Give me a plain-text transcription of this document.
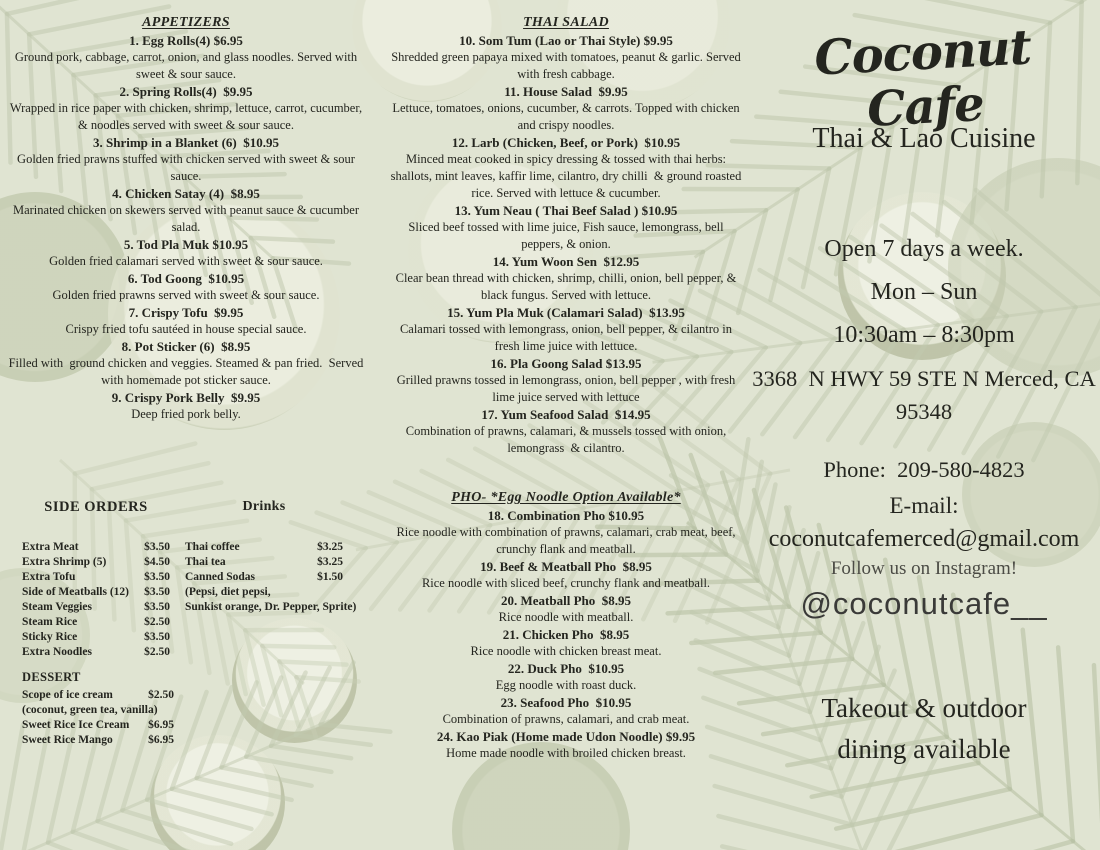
APPETIZERS
1. Egg Rolls(4) $6.95
Ground pork, cabbage, carrot, onion, and glass noodles. Served with sweet & sour sauce.
2. Spring Rolls(4)  $9.95
Wrapped in rice paper with chicken, shrimp, lettuce, carrot, cucumber, & noodles served with sweet & sour sauce.
3. Shrimp in a Blanket (6)  $10.95
Golden fried prawns stuffed with chicken served with sweet & sour sauce.
4. Chicken Satay (4)  $8.95
Marinated chicken on skewers served with peanut sauce & cucumber salad.
5. Tod Pla Muk $10.95
Golden fried calamari served with sweet & sour sauce.
6. Tod Goong  $10.95
Golden fried prawns served with sweet & sour sauce.
7. Crispy Tofu  $9.95
Crispy fried tofu sautéed in house special sauce.
8. Pot Sticker (6)  $8.95
Filled with  ground chicken and veggies. Steamed & pan fried.  Served with homemade pot sticker sauce.
9. Crispy Pork Belly  $9.95
Deep fried pork belly.
SIDE ORDERS
Extra Meat	$3.50
Extra Shrimp (5)	$4.50
Extra Tofu	$3.50
Side of Meatballs (12) $3.50
Steam Veggies	$3.50
Steam Rice	$2.50
Sticky Rice	$3.50
Extra Noodles	$2.50
Drinks
Thai coffee	$3.25
Thai tea	$3.25
Canned Sodas	$1.50
(Pepsi, diet pepsi,
Sunkist orange, Dr. Pepper, Sprite)
DESSERT
Scope of ice cream	$2.50
(coconut, green tea, vanilla)
Sweet Rice Ice Cream $6.95
Sweet Rice Mango	$6.95
THAI SALAD
10. Som Tum (Lao or Thai Style) $9.95
Shredded green papaya mixed with tomatoes, peanut & garlic. Served with fresh cabbage.
11. House Salad  $9.95
Lettuce, tomatoes, onions, cucumber, & carrots. Topped with chicken and crispy noodles.
12. Larb (Chicken, Beef, or Pork)  $10.95
Minced meat cooked in spicy dressing & tossed with thai herbs: shallots, mint leaves, kaffir lime, cilantro, dry chilli  & ground roasted rice. Served with lettuce & cucumber.
13. Yum Neau ( Thai Beef Salad ) $10.95
Sliced beef tossed with lime juice, Fish sauce, lemongrass, bell peppers, & onion.
14. Yum Woon Sen  $12.95
Clear bean thread with chicken, shrimp, chilli, onion, bell pepper, & black fungus. Served with lettuce.
15. Yum Pla Muk (Calamari Salad)  $13.95
Calamari tossed with lemongrass, onion, bell pepper, & cilantro in fresh lime juice with lettuce.
16. Pla Goong Salad $13.95
Grilled prawns tossed in lemongrass, onion, bell pepper , with fresh lime juice served with lettuce
17. Yum Seafood Salad  $14.95
Combination of prawns, calamari, & mussels tossed with onion, lemongrass  & cilantro.
PHO- *Egg Noodle Option Available*
18. Combination Pho $10.95
Rice noodle with combination of prawns, calamari, crab meat, beef, crunchy flank and meatball.
19. Beef & Meatball Pho  $8.95
Rice noodle with sliced beef, crunchy flank and meatball.
20. Meatball Pho  $8.95
Rice noodle with meatball.
21. Chicken Pho  $8.95
Rice noodle with chicken breast meat.
22. Duck Pho  $10.95
Egg noodle with roast duck.
23. Seafood Pho  $10.95
Combination of prawns, calamari, and crab meat.
24. Kao Piak (Home made Udon Noodle) $9.95
Home made noodle with broiled chicken breast.
Coconut Cafe
Thai & Lao Cuisine
Open 7 days a week.
Mon – Sun
10:30am – 8:30pm
3368  N HWY 59 STE N Merced, CA
95348
Phone:  209-580-4823
E-mail:
coconutcafemerced@gmail.com
Follow us on Instagram!
@coconutcafe__
Takeout & outdoor
dining available
